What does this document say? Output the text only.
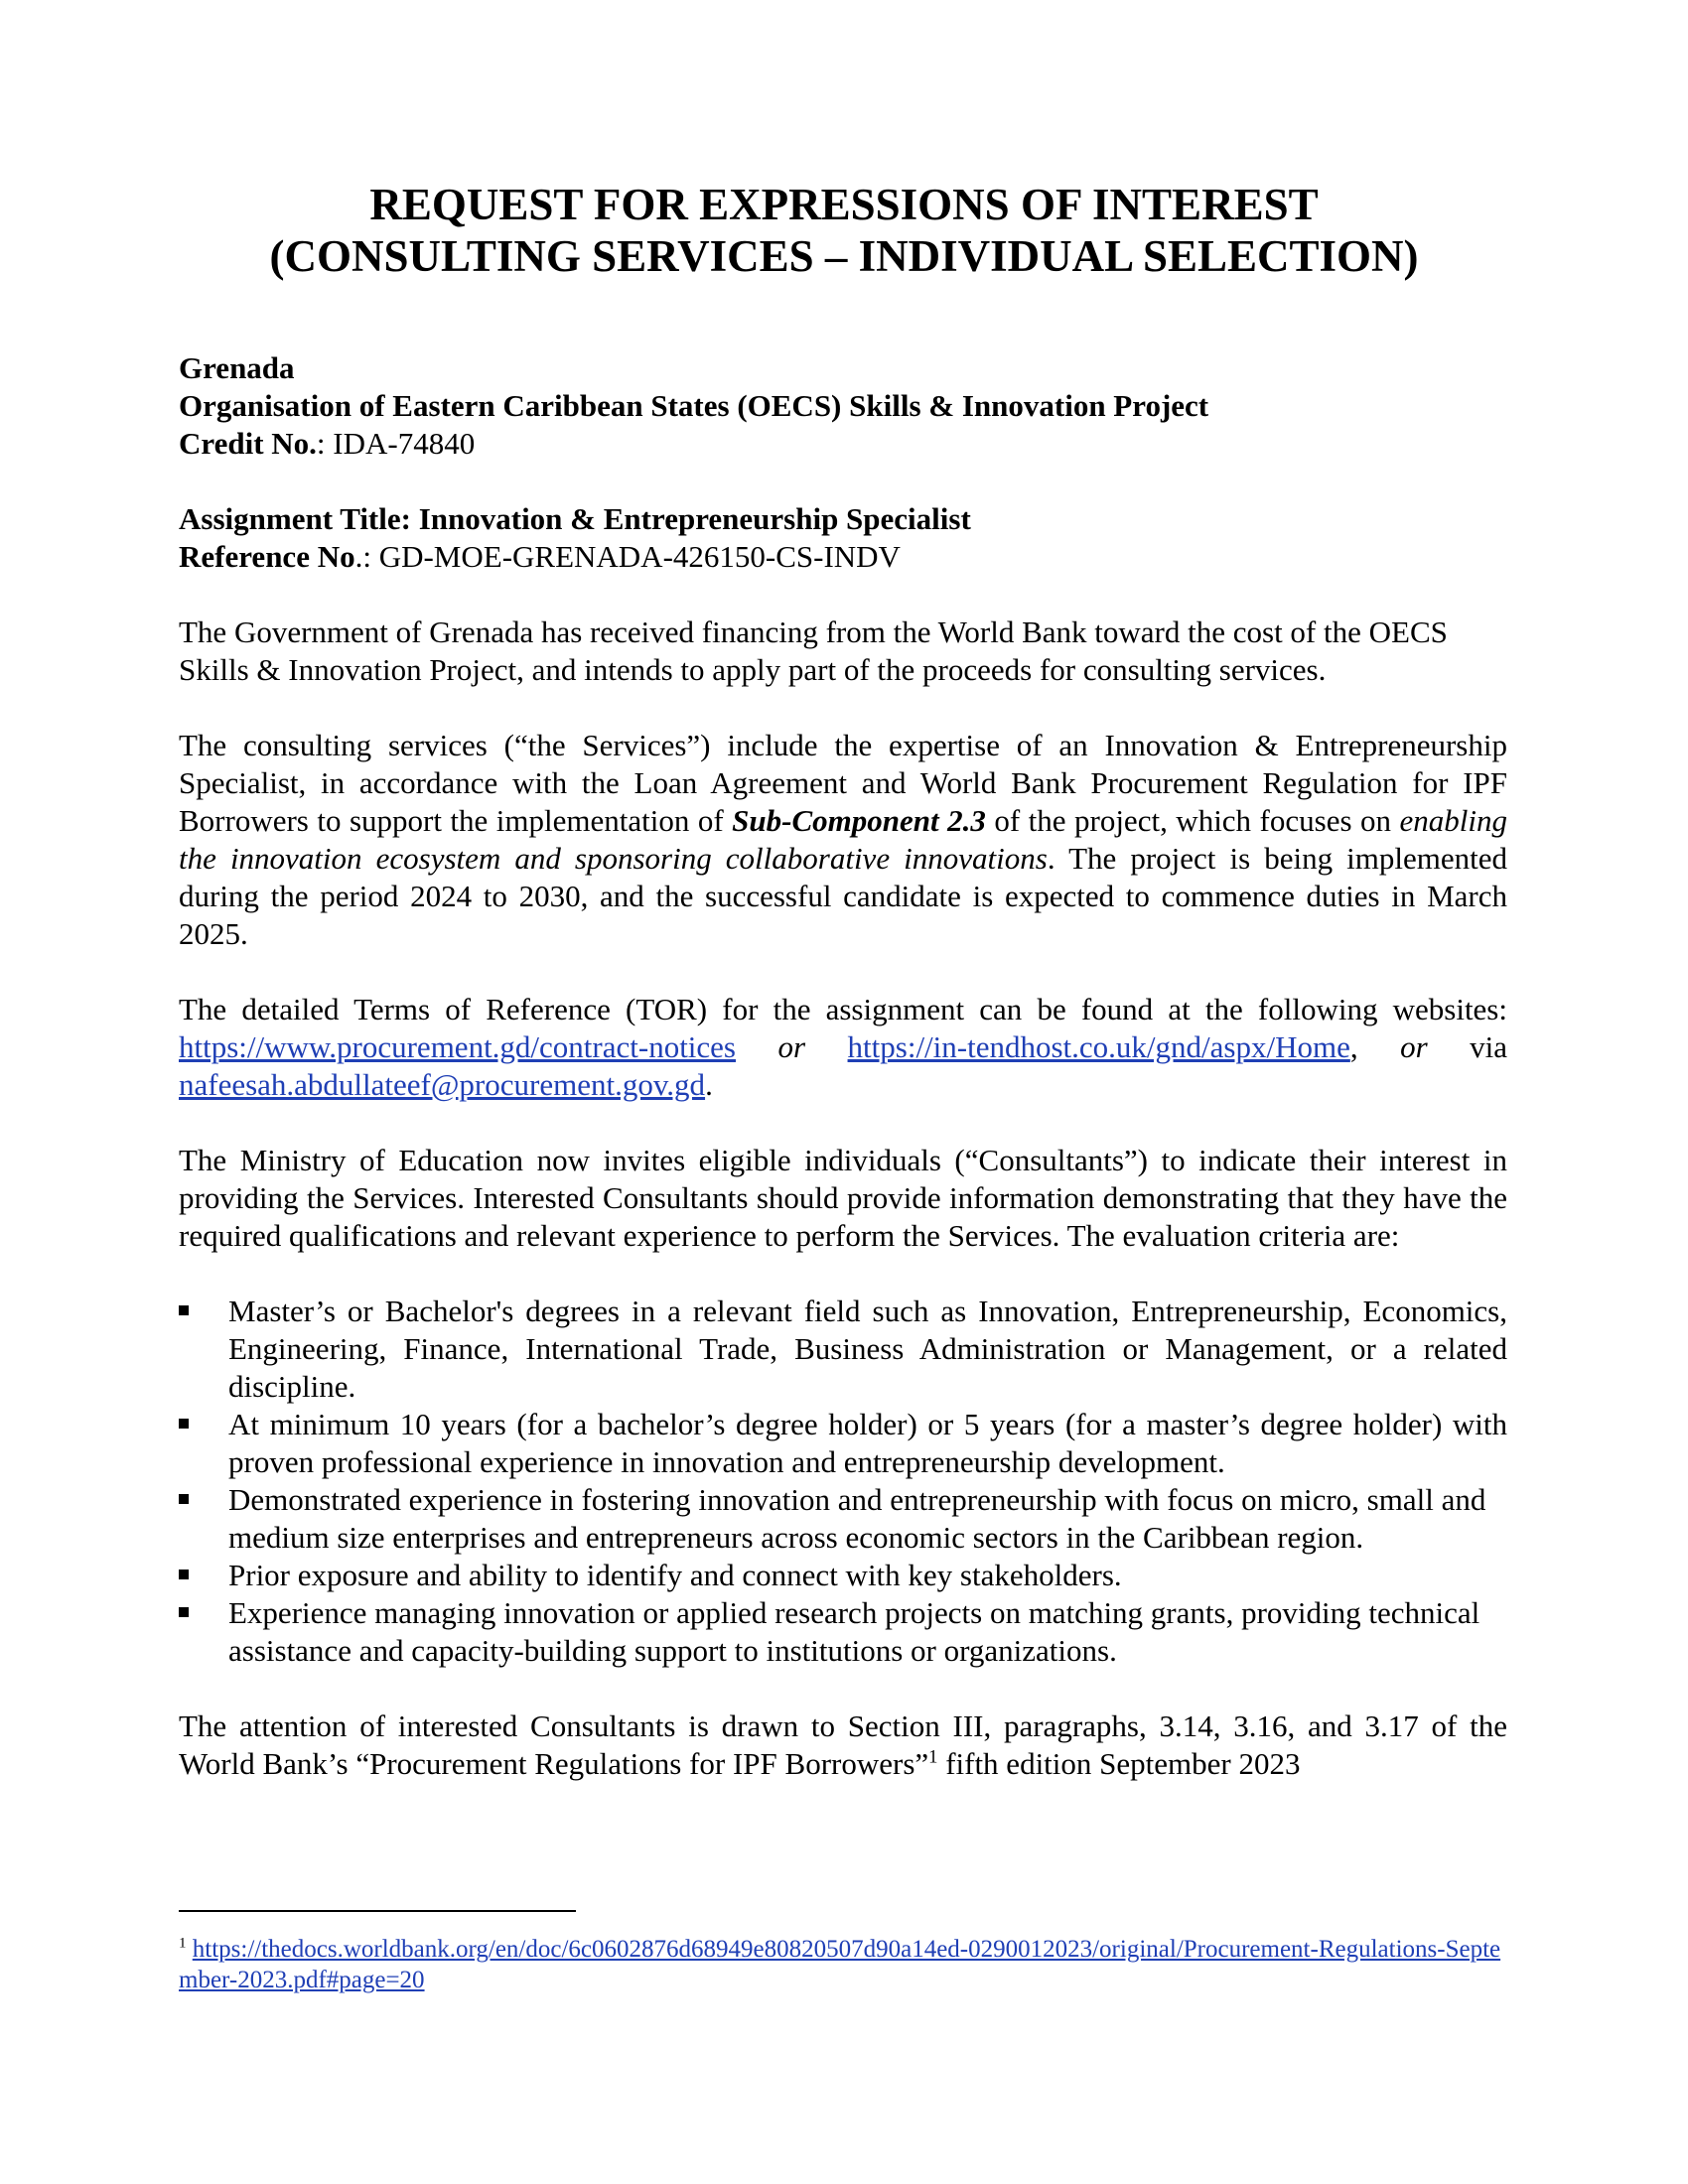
REQUEST FOR EXPRESSIONS OF INTEREST
(CONSULTING SERVICES – INDIVIDUAL SELECTION)

Grenada

Organisation of Eastern Caribbean States (OECS) Skills & Innovation Project

Credit No.: IDA-74840

Assignment Title: Innovation & Entrepreneurship Specialist

Reference No.: GD-MOE-GRENADA-426150-CS-INDV

The Government of Grenada has received financing from the World Bank toward the cost of the OECS Skills & Innovation Project, and intends to apply part of the proceeds for consulting services.

The consulting services (“the Services”) include the expertise of an Innovation & Entrepreneurship Specialist, in accordance with the Loan Agreement and World Bank Procurement Regulation for IPF Borrowers to support the implementation of Sub-Component 2.3 of the project, which focuses on enabling the innovation ecosystem and sponsoring collaborative innovations. The project is being implemented during the period 2024 to 2030, and the successful candidate is expected to commence duties in March 2025.

The detailed Terms of Reference (TOR) for the assignment can be found at the following websites: https://www.procurement.gd/contract-notices or https://in-tendhost.co.uk/gnd/aspx/Home, or via nafeesah.abdullateef@procurement.gov.gd.

The Ministry of Education now invites eligible individuals (“Consultants”) to indicate their interest in providing the Services. Interested Consultants should provide information demonstrating that they have the required qualifications and relevant experience to perform the Services. The evaluation criteria are:

Master’s or Bachelor's degrees in a relevant field such as Innovation, Entrepreneurship, Economics, Engineering, Finance, International Trade, Business Administration or Management, or a related discipline.
At minimum 10 years (for a bachelor’s degree holder) or 5 years (for a master’s degree holder) with proven professional experience in innovation and entrepreneurship development.
Demonstrated experience in fostering innovation and entrepreneurship with focus on micro, small and medium size enterprises and entrepreneurs across economic sectors in the Caribbean region.
Prior exposure and ability to identify and connect with key stakeholders.
Experience managing innovation or applied research projects on matching grants, providing technical assistance and capacity-building support to institutions or organizations.

The attention of interested Consultants is drawn to Section III, paragraphs, 3.14, 3.16, and 3.17 of the World Bank’s “Procurement Regulations for IPF Borrowers”$^1$ fifth edition September 2023

$^1$ https://thedocs.worldbank.org/en/doc/6c0602876d68949e80820507d90a14ed-0290012023/original/Procurement-Regulations-September-2023.pdf#page=20
